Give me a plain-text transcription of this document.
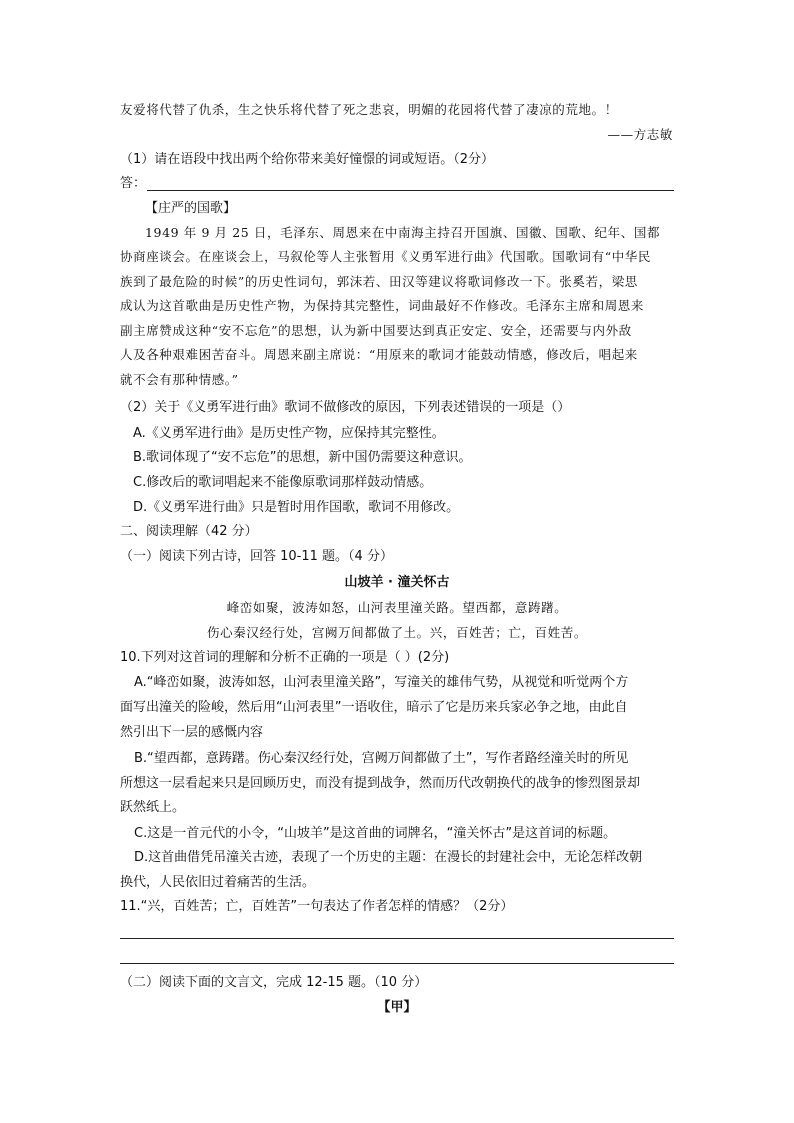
友爱将代替了仇杀，生之快乐将代替了死之悲哀，明媚的花园将代替了凄凉的荒地。！
——方志敏
（1）请在语段中找出两个给你带来美好憧憬的词或短语。（2分）
答：
【庄严的国歌】
1949 年 9 月 25 日，毛泽东、周恩来在中南海主持召开国旗、国徽、国歌、纪年、国都
协商座谈会。在座谈会上，马叙伦等人主张暂用《义勇军进行曲》代国歌。国歌词有“中华民
族到了最危险的时候”的历史性词句，郭沫若、田汉等建议将歌词修改一下。张奚若，梁思
成认为这首歌曲是历史性产物，为保持其完整性，词曲最好不作修改。毛泽东主席和周恩来
副主席赞成这种“安不忘危”的思想，认为新中国要达到真正安定、安全，还需要与内外敌
人及各种艰难困苦奋斗。周恩来副主席说：“用原来的歌词才能鼓动情感，修改后，唱起来
就不会有那种情感。”
（2）关于《义勇军进行曲》歌词不做修改的原因，下列表述错误的一项是（）
A.《义勇军进行曲》是历史性产物，应保持其完整性。
B.歌词体现了“安不忘危”的思想，新中国仍需要这种意识。
C.修改后的歌词唱起来不能像原歌词那样鼓动情感。
D.《义勇军进行曲》只是暂时用作国歌，歌词不用修改。
二、阅读理解（42 分）
（一）阅读下列古诗，回答 10-11 题。（4 分）
山坡羊 · 潼关怀古
峰峦如聚，波涛如怒，山河表里潼关路。望西都，意踌躇。
伤心秦汉经行处，宫阙万间都做了土。兴，百姓苦；亡，百姓苦。
10.下列对这首词的理解和分析不正确的一项是（ ）(2分)
A.“峰峦如聚，波涛如怒，山河表里潼关路”，写潼关的雄伟气势，从视觉和听觉两个方
面写出潼关的险峻，然后用“山河表里”一语收住，暗示了它是历来兵家必争之地，由此自
然引出下一层的感慨内容
B.“望西都，意踌躇。伤心秦汉经行处，宫阙万间都做了土”，写作者路经潼关时的所见
所想这一层看起来只是回顾历史，而没有提到战争，然而历代改朝换代的战争的惨烈图景却
跃然纸上。
C.这是一首元代的小令，“山坡羊”是这首曲的词牌名，“潼关怀古”是这首词的标题。
D.这首曲借凭吊潼关古迹，表现了一个历史的主题：在漫长的封建社会中，无论怎样改朝
换代，人民依旧过着痛苦的生活。
11.“兴，百姓苦；亡，百姓苦”一句表达了作者怎样的情感？（2分）
（二）阅读下面的文言文，完成 12-15 题。（10 分）
【甲】
